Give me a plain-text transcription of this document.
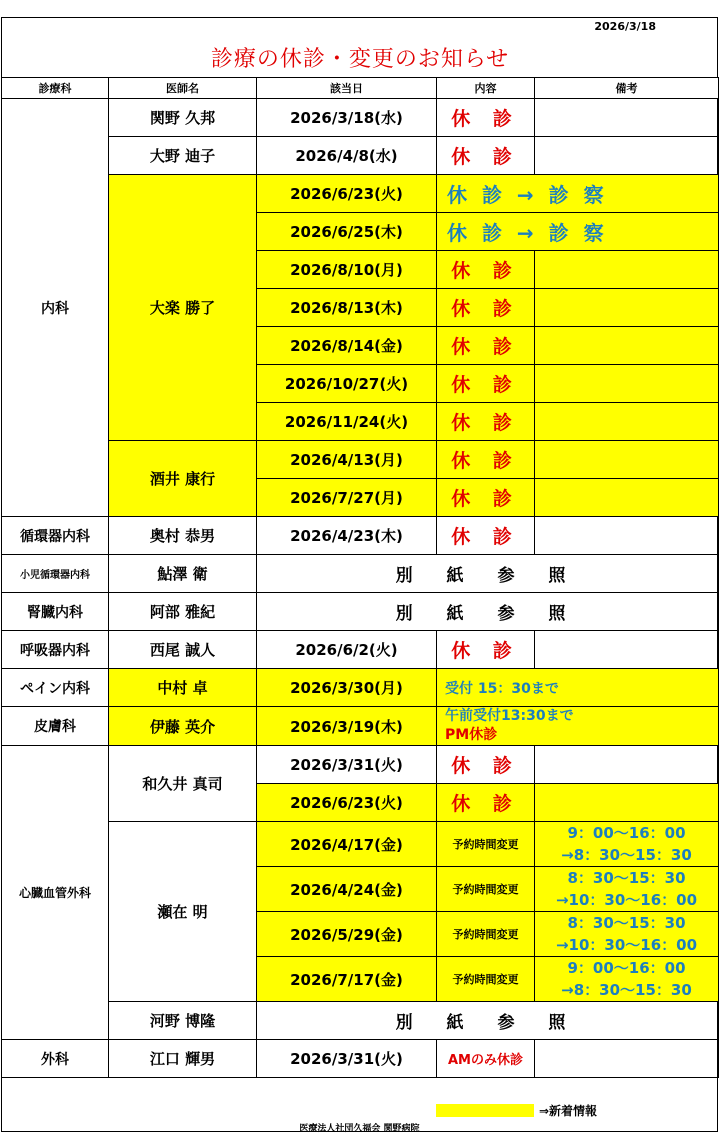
2026/3/18
診療の休診・変更のお知らせ
診療科	医師名	該当日	内容	備考
内科	関野 久邦	2026/3/18(水)	休 診	
	大野 迪子	2026/4/8(水)	休 診	
	大楽 勝了	2026/6/23(火)	休 診 → 診 察	
		2026/6/25(木)	休 診 → 診 察	
		2026/8/10(月)	休 診	
		2026/8/13(木)	休 診	
		2026/8/14(金)	休 診	
		2026/10/27(火)	休 診	
		2026/11/24(火)	休 診	
	酒井 康行	2026/4/13(月)	休 診	
		2026/7/27(月)	休 診	
循環器内科	奥村 恭男	2026/4/23(木)	休 診	
小児循環器内科	鮎澤 衛	別 紙 参 照		
腎臓内科	阿部 雅紀	別 紙 参 照		
呼吸器内科	西尾 誠人	2026/6/2(火)	休 診	
ペイン内科	中村 卓	2026/3/30(月)	受付 15：30まで	
皮膚科	伊藤 英介	2026/3/19(木)	午前受付13:30まで
PM休診	

心臓血管外科	和久井 真司	2026/3/31(火)	休 診	
		2026/6/23(火)	休 診	
	瀬在 明	2026/4/17(金)	予約時間変更	9：00～16：00
→8：30～15：30

		2026/4/24(金)	予約時間変更	8：30～15：30
→10：30～16：00

		2026/5/29(金)	予約時間変更	8：30～15：30
→10：30～16：00

		2026/7/17(金)	予約時間変更	9：00～16：00
→8：30～15：30

	河野 博隆	別 紙 参 照		
外科	江口 輝男	2026/3/31(火)	AMのみ休診	
⇒新着情報
医療法人社団久福会 関野病院
